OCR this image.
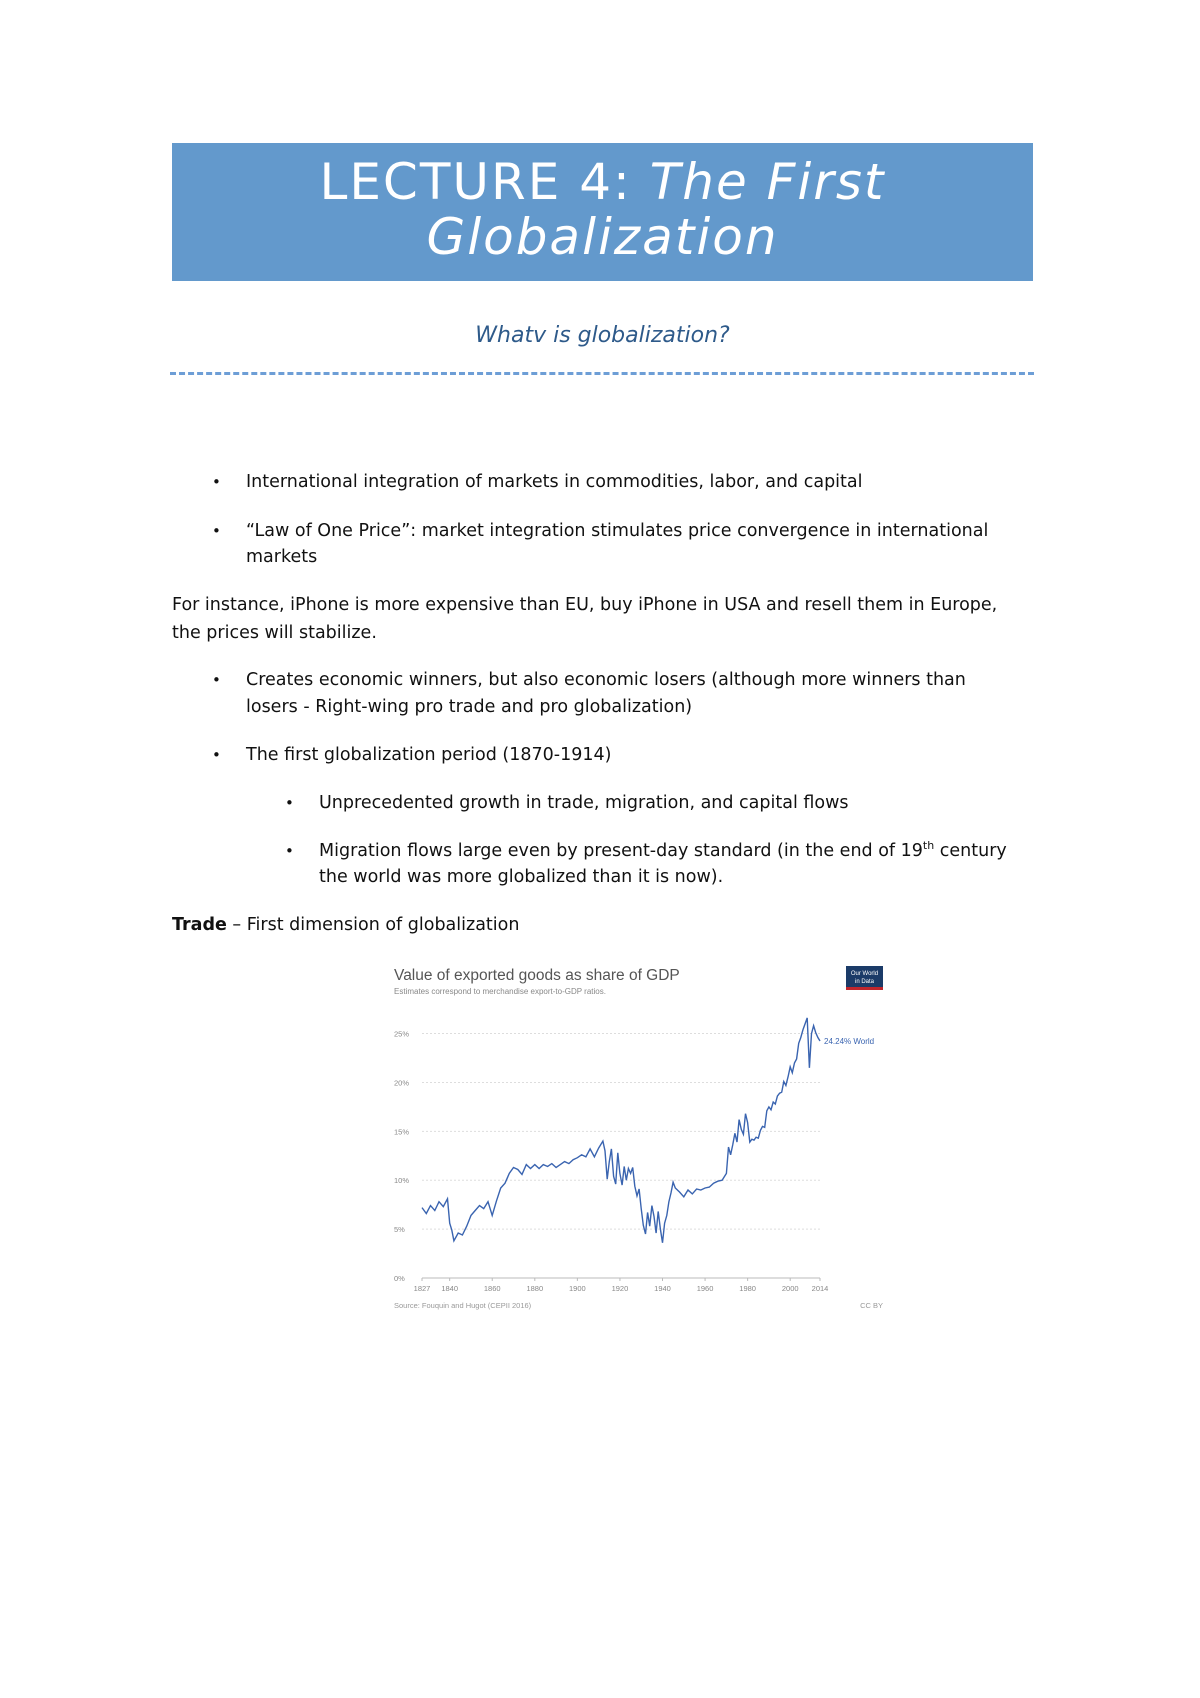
LECTURE 4: The First
Globalization
Whatv is globalization?
• International integration of markets in commodities, labor, and capital
• “Law of One Price”: market integration stimulates price convergence in international
markets
For instance, iPhone is more expensive than EU, buy iPhone in USA and resell them in Europe,
the prices will stabilize.
• Creates economic winners, but also economic losers (although more winners than
losers - Right-wing pro trade and pro globalization)
• The first globalization period (1870-1914)
• Unprecedented growth in trade, migration, and capital flows
• Migration flows large even by present-day standard (in the end of 19th century
the world was more globalized than it is now).
Trade – First dimension of globalization
Value of exported goods as share of GDP
Estimates correspond to merchandise export-to-GDP ratios.
Our World
in Data
0%
5%
10%
15%
20%
25%
1827 1840	1860	1880	1900	1920	1940	1960	1980	2000 2014
24.24% World
Source: Fouquin and Hugot (CEPII 2016)	CC BY
